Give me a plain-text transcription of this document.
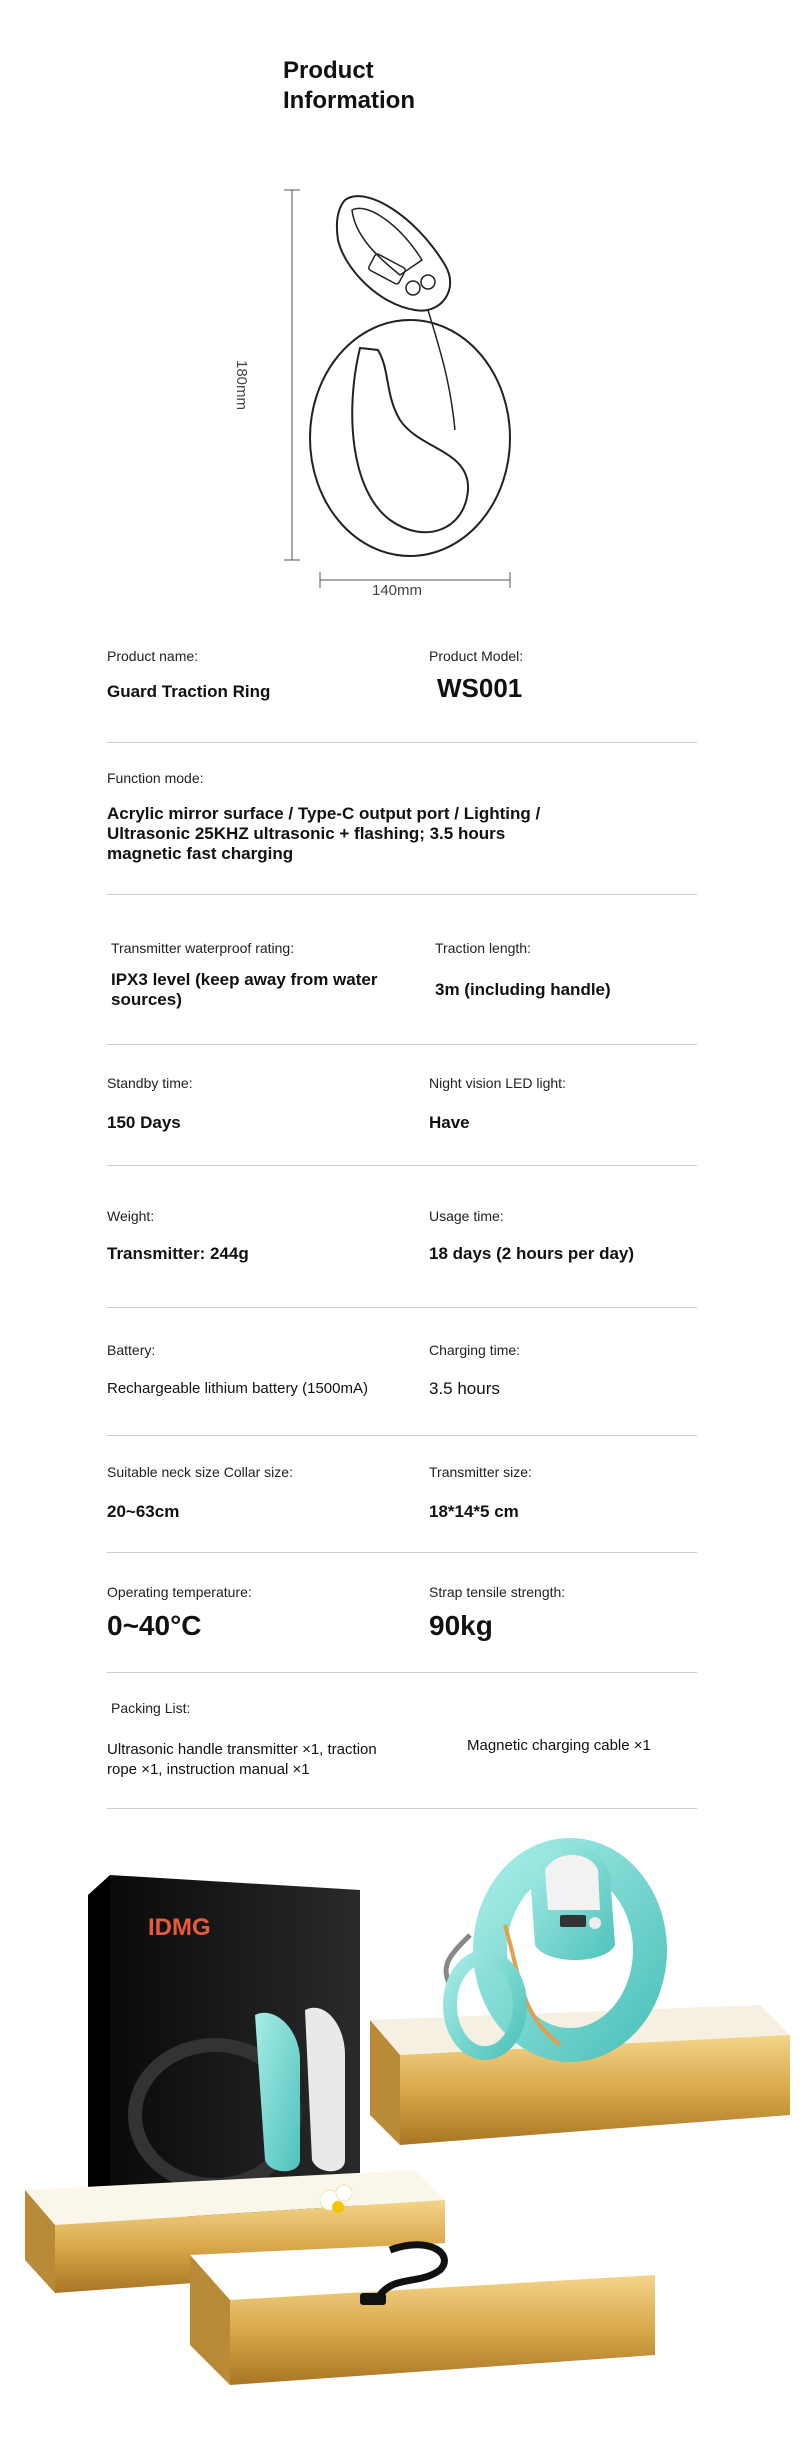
Product
Information
180mm
140mm
Product name:
Guard Traction Ring
Product Model:
WS001
Function mode:
Acrylic mirror surface / Type-C output port / Lighting / Ultrasonic 25KHZ ultrasonic + flashing; 3.5 hours magnetic fast charging
Transmitter waterproof rating:
IPX3 level (keep away from water sources)
Traction length:
3m (including handle)
Standby time:
150 Days
Night vision LED light:
Have
Weight:
Transmitter: 244g
Usage time:
18 days (2 hours per day)
Battery:
Rechargeable lithium battery (1500mA)
Charging time:
3.5 hours
Suitable neck size Collar size:
20~63cm
Transmitter size:
18*14*5 cm
Operating temperature:
0~40°C
Strap tensile strength:
90kg
Packing List:
Ultrasonic handle transmitter ×1, traction rope ×1, instruction manual ×1
Magnetic charging cable ×1
IDMG
